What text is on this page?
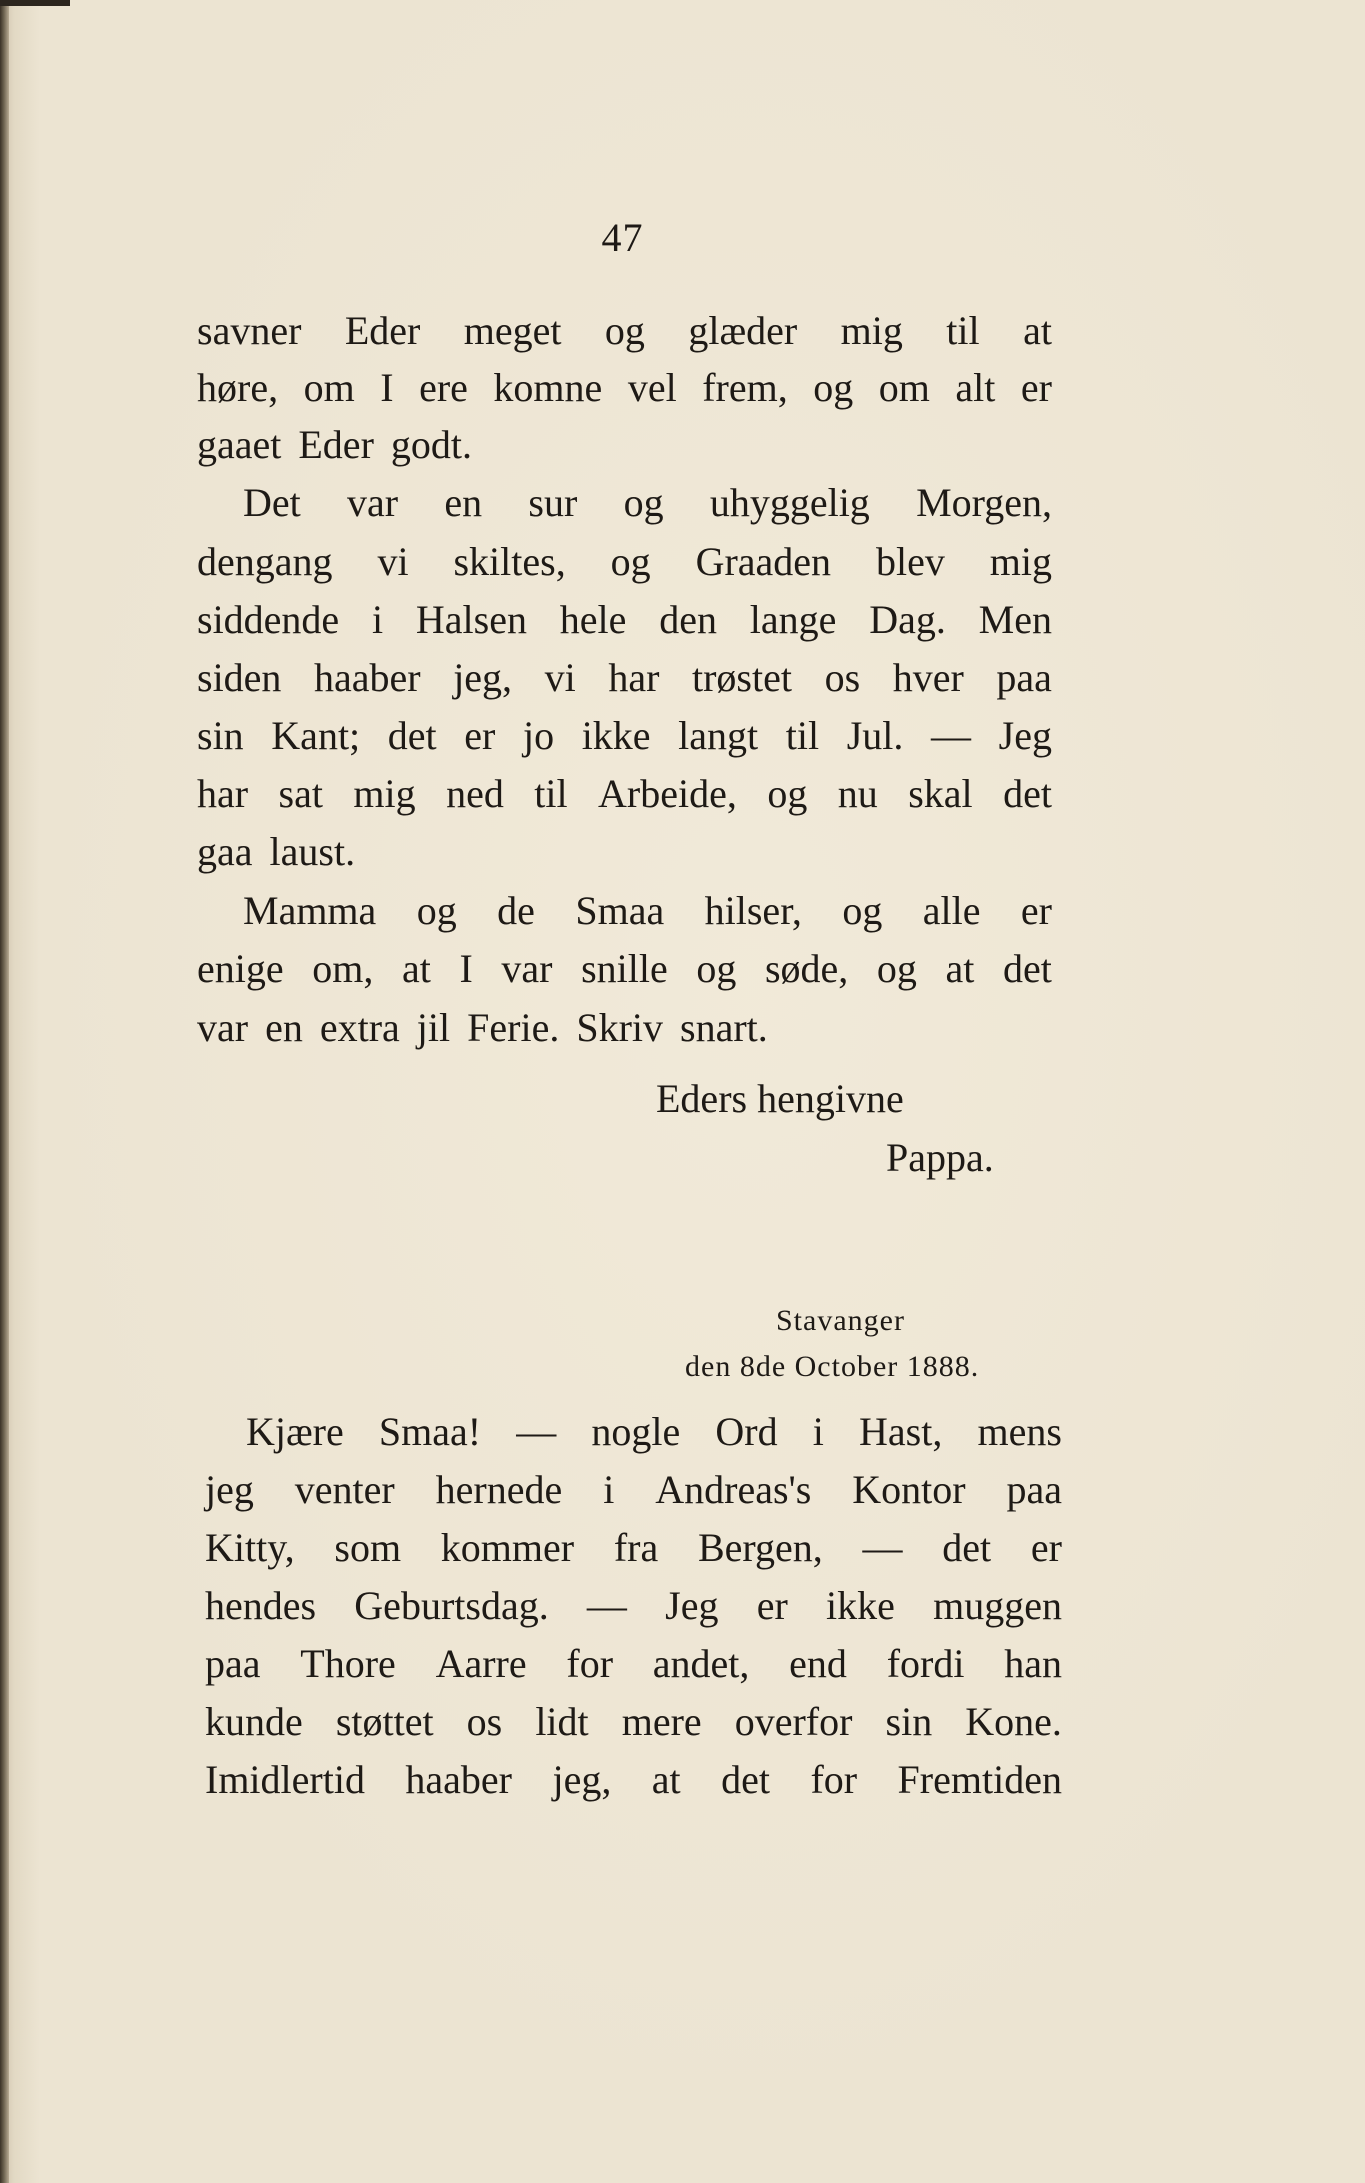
47
savner Eder meget og glæder mig til at
høre, om I ere komne vel frem, og om alt er
gaaet Eder godt.
Det var en sur og uhyggelig Morgen,
dengang vi skiltes, og Graaden blev mig
siddende i Halsen hele den lange Dag. Men
siden haaber jeg, vi har trøstet os hver paa
sin Kant; det er jo ikke langt til Jul. — Jeg
har sat mig ned til Arbeide, og nu skal det
gaa laust.
Mamma og de Smaa hilser, og alle er
enige om, at I var snille og søde, og at det
var en extra jil Ferie. Skriv snart.
Eders hengivne
Pappa.
Stavanger
den 8de October 1888.
Kjære Smaa! — nogle Ord i Hast, mens
jeg venter hernede i Andreas's Kontor paa
Kitty, som kommer fra Bergen, — det er
hendes Geburtsdag. — Jeg er ikke muggen
paa Thore Aarre for andet, end fordi han
kunde støttet os lidt mere overfor sin Kone.
Imidlertid haaber jeg, at det for Fremtiden
